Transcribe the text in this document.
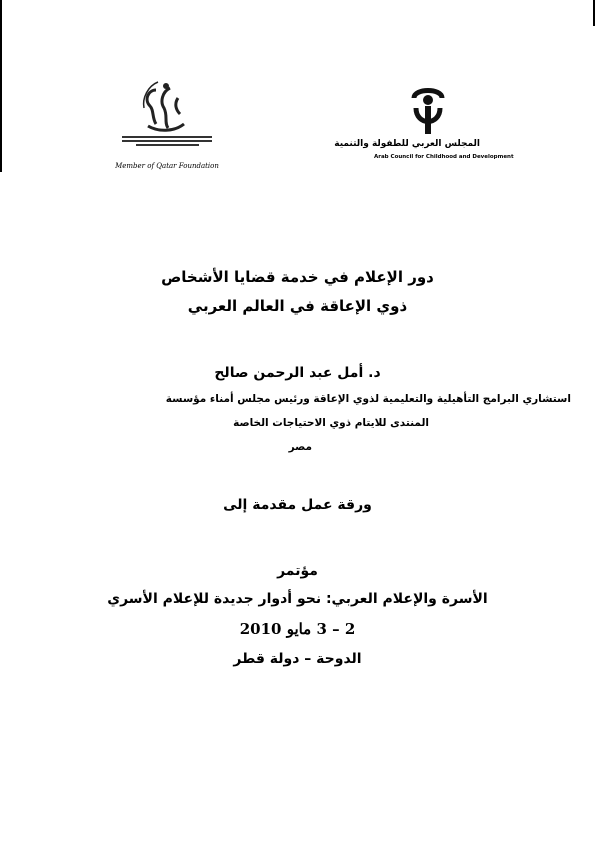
Member of Qatar Foundation
المجلس العربي للطفولة والتنمية
Arab Council for Childhood and Development
دور الإعلام في خدمة قضايا الأشخاص
ذوي الإعاقة في العالم العربي
د. أمل عبد الرحمن صالح
استشاري البرامج التأهيلية والتعليمية لذوي الإعاقة ورئيس مجلس أمناء مؤسسة
المنتدى للايتام ذوي الاحتياجات الخاصة
مصر
ورقة عمل مقدمة إلى
مؤتمر
الأسرة والإعلام العربي: نحو أدوار جديدة للإعلام الأسري
2 – 3 مايو 2010
الدوحة – دولة قطر
